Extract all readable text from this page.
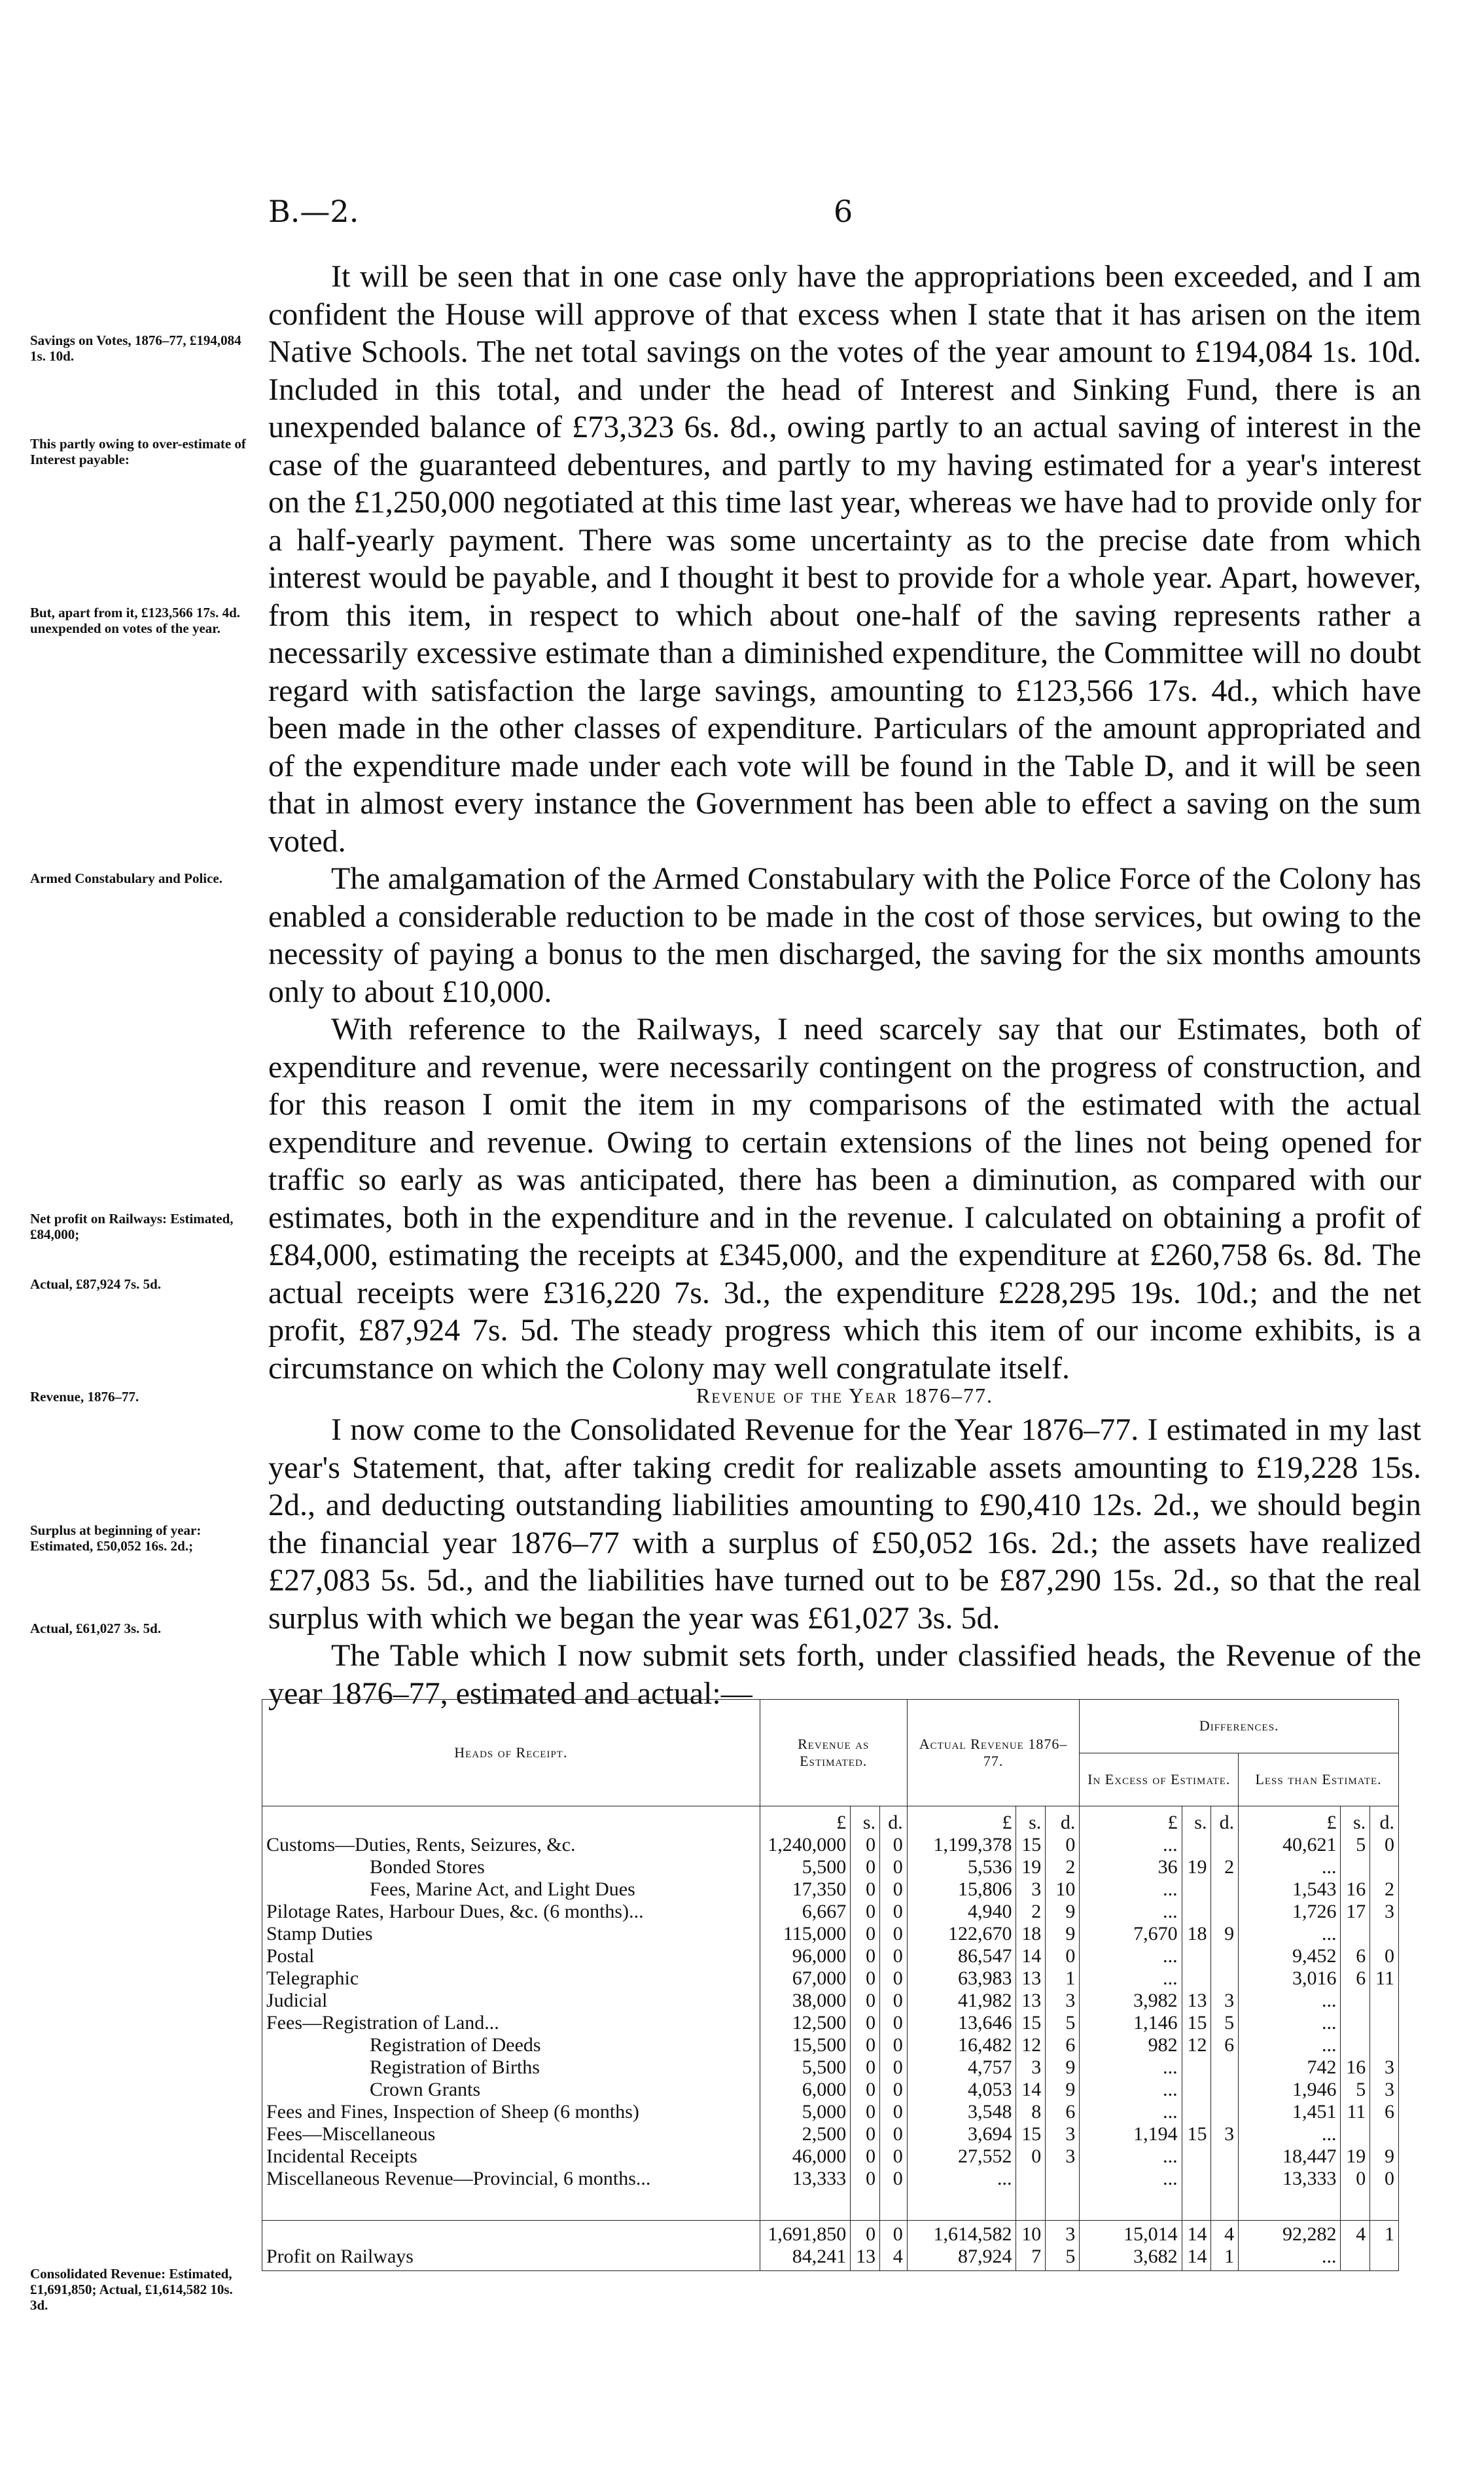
B.—2.	6
Savings on Votes, 1876–77, £194,084 1s. 10d.
This partly owing to over-estimate of Interest payable:
But, apart from it, £123,566 17s. 4d. unexpended on votes of the year.
Armed Constabulary and Police.
Net profit on Railways: Estimated, £84,000;
Actual, £87,924 7s. 5d.
Revenue, 1876–77.
Surplus at beginning of year: Estimated, £50,052 16s. 2d.;
Actual, £61,027 3s. 5d.
Consolidated Revenue: Estimated, £1,691,850; Actual, £1,614,582 10s. 3d.

It will be seen that in one case only have the appropriations been exceeded, and I am confident the House will approve of that excess when I state that it has arisen on the item Native Schools. The net total savings on the votes of the year amount to £194,084 1s. 10d. Included in this total, and under the head of Interest and Sinking Fund, there is an unexpended balance of £73,323 6s. 8d., owing partly to an actual saving of interest in the case of the guaranteed debentures, and partly to my having estimated for a year's interest on the £1,250,000 negotiated at this time last year, whereas we have had to provide only for a half-yearly payment. There was some uncertainty as to the precise date from which interest would be payable, and I thought it best to provide for a whole year. Apart, however, from this item, in respect to which about one-half of the saving represents rather a necessarily excessive estimate than a diminished expenditure, the Committee will no doubt regard with satisfaction the large savings, amounting to £123,566 17s. 4d., which have been made in the other classes of expenditure. Particulars of the amount appropriated and of the expenditure made under each vote will be found in the Table D, and it will be seen that in almost every instance the Government has been able to effect a saving on the sum voted.

The amalgamation of the Armed Constabulary with the Police Force of the Colony has enabled a considerable reduction to be made in the cost of those services, but owing to the necessity of paying a bonus to the men discharged, the saving for the six months amounts only to about £10,000.

With reference to the Railways, I need scarcely say that our Estimates, both of expenditure and revenue, were necessarily contingent on the progress of construction, and for this reason I omit the item in my comparisons of the estimated with the actual expenditure and revenue. Owing to certain extensions of the lines not being opened for traffic so early as was anticipated, there has been a diminution, as compared with our estimates, both in the expenditure and in the revenue. I calculated on obtaining a profit of £84,000, estimating the receipts at £345,000, and the expenditure at £260,758 6s. 8d. The actual receipts were £316,220 7s. 3d., the expenditure £228,295 19s. 10d.; and the net profit, £87,924 7s. 5d. The steady progress which this item of our income exhibits, is a circumstance on which the Colony may well congratulate itself.

Revenue of the Year 1876–77.

I now come to the Consolidated Revenue for the Year 1876–77. I estimated in my last year's Statement, that, after taking credit for realizable assets amounting to £19,228 15s. 2d., and deducting outstanding liabilities amounting to £90,410 12s. 2d., we should begin the financial year 1876–77 with a surplus of £50,052 16s. 2d.; the assets have realized £27,083 5s. 5d., and the liabilities have turned out to be £87,290 15s. 2d., so that the real surplus with which we began the year was £61,027 3s. 5d.

The Table which I now submit sets forth, under classified heads, the Revenue of the year 1876–77, estimated and actual:—

Heads of Receipt.	Revenue as Estimated.			Actual Revenue 1876–77.			Differences.					
							In Excess of Estimate.			Less than Estimate.		
	£	s.	d.	£	s.	d.	£	s.	d.	£	s.	d.
Customs—Duties, Rents, Seizures, &c.	1,240,000	0	0	1,199,378	15	0	...			40,621	5	0
Bonded Stores	5,500	0	0	5,536	19	2	36	19	2	...		
Fees, Marine Act, and Light Dues	17,350	0	0	15,806	3	10	...			1,543	16	2
Pilotage Rates, Harbour Dues, &c. (6 months)...	6,667	0	0	4,940	2	9	...			1,726	17	3
Stamp Duties	115,000	0	0	122,670	18	9	7,670	18	9	...		
Postal	96,000	0	0	86,547	14	0	...			9,452	6	0
Telegraphic	67,000	0	0	63,983	13	1	...			3,016	6	11
Judicial	38,000	0	0	41,982	13	3	3,982	13	3	...		
Fees—Registration of Land...	12,500	0	0	13,646	15	5	1,146	15	5	...		
Registration of Deeds	15,500	0	0	16,482	12	6	982	12	6	...		
Registration of Births	5,500	0	0	4,757	3	9	...			742	16	3
Crown Grants	6,000	0	0	4,053	14	9	...			1,946	5	3
Fees and Fines, Inspection of Sheep (6 months)	5,000	0	0	3,548	8	6	...			1,451	11	6
Fees—Miscellaneous	2,500	0	0	3,694	15	3	1,194	15	3	...		
Incidental Receipts	46,000	0	0	27,552	0	3	...			18,447	19	9
Miscellaneous Revenue—Provincial, 6 months...	13,333	0	0	...			...			13,333	0	0

	1,691,850	0	0	1,614,582	10	3	15,014	14	4	92,282	4	1
Profit on Railways	84,241	13	4	87,924	7	5	3,682	14	1	...		
